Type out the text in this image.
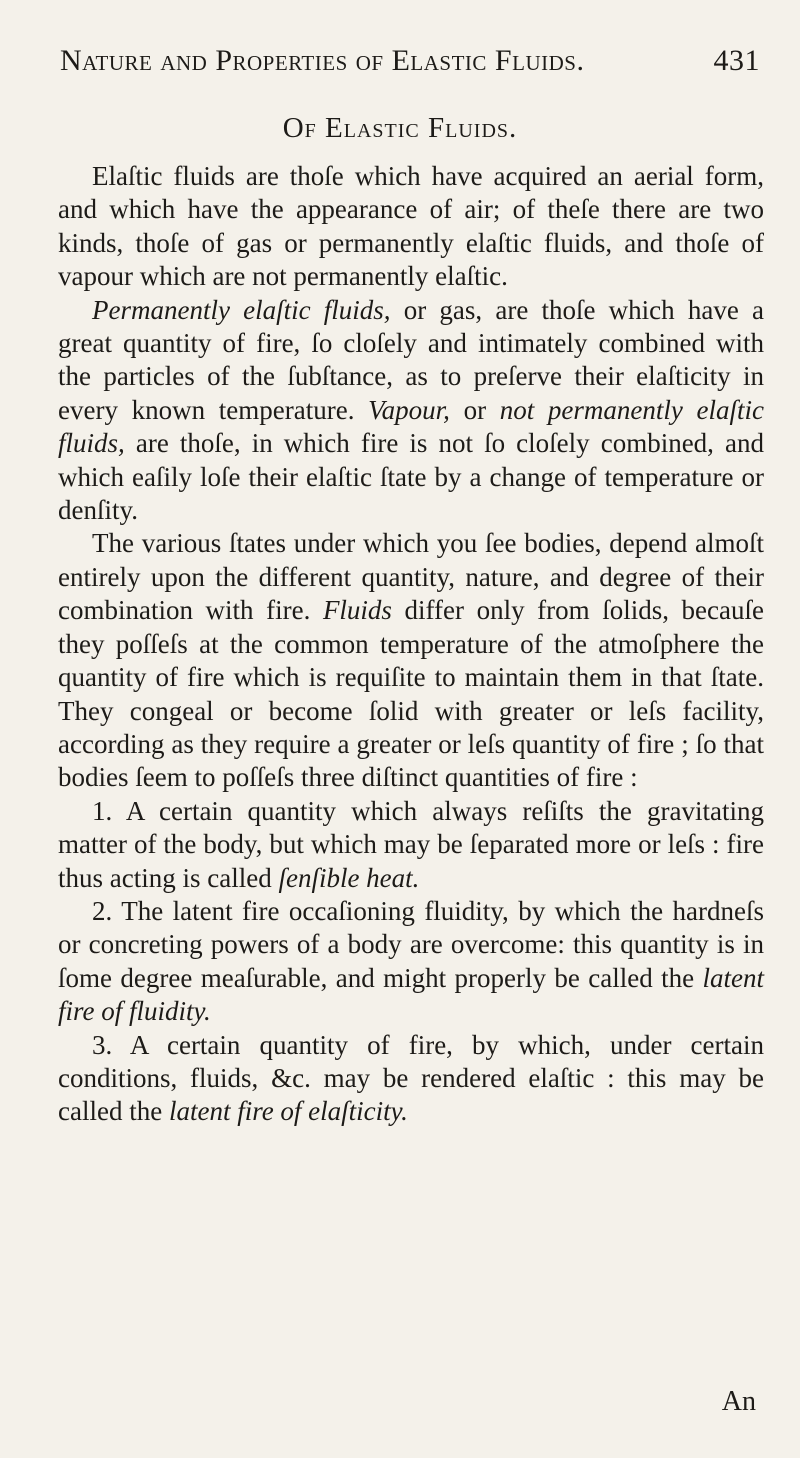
Nature and Properties of Elastic Fluids.	431
Of Elastic Fluids.

Elaſtic fluids are thoſe which have acquired an aerial form, and which have the appearance of air; of theſe there are two kinds, thoſe of gas or permanently elaſtic fluids, and thoſe of vapour which are not permanently elaſtic.

Permanently elaſtic fluids, or gas, are thoſe which have a great quantity of fire, ſo cloſely and intimately combined with the particles of the ſubſtance, as to preſerve their elaſticity in every known temperature. Vapour, or not permanently elaſtic fluids, are thoſe, in which fire is not ſo cloſely combined, and which eaſily loſe their elaſtic ſtate by a change of temperature or denſity.

The various ſtates under which you ſee bodies, depend almoſt entirely upon the different quantity, nature, and degree of their combination with fire. Fluids differ only from ſolids, becauſe they poſſeſs at the common temperature of the atmoſphere the quantity of fire which is requiſite to maintain them in that ſtate. They congeal or become ſolid with greater or leſs facility, according as they require a greater or leſs quantity of fire ; ſo that bodies ſeem to poſſeſs three diſtinct quantities of fire :

1. A certain quantity which always reſiſts the gravitating matter of the body, but which may be ſeparated more or leſs : fire thus acting is called ſenſible heat.

2. The latent fire occaſioning fluidity, by which the hardneſs or concreting powers of a body are overcome: this quantity is in ſome degree meaſurable, and might properly be called the latent fire of fluidity.

3. A certain quantity of fire, by which, under certain conditions, fluids, &c. may be rendered elaſtic : this may be called the latent fire of elaſticity.

An
